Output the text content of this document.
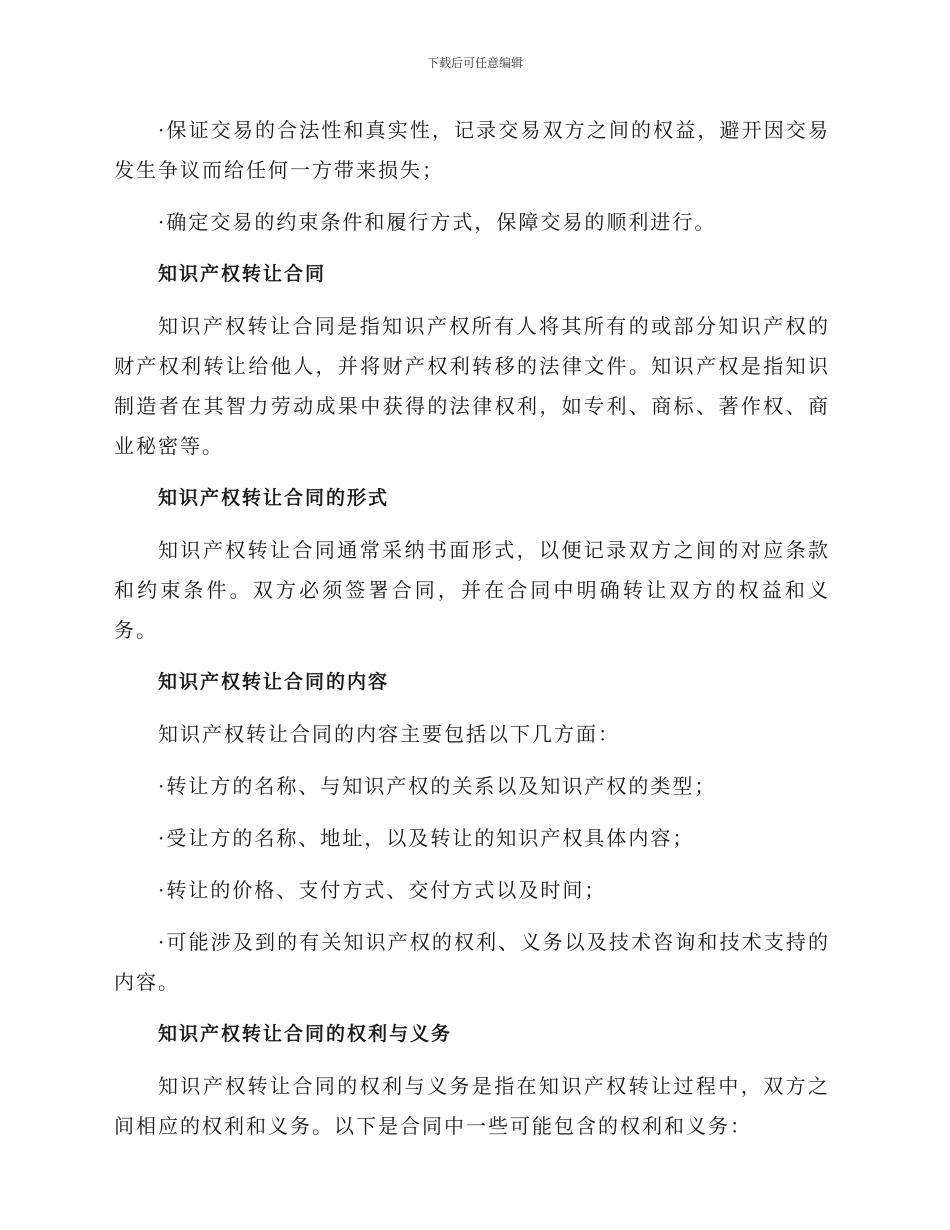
下载后可任意编辑

·保证交易的合法性和真实性，记录交易双方之间的权益，避开因交易发生争议而给任何一方带来损失；

·确定交易的约束条件和履行方式，保障交易的顺利进行。

知识产权转让合同

知识产权转让合同是指知识产权所有人将其所有的或部分知识产权的财产权利转让给他人，并将财产权利转移的法律文件。知识产权是指知识制造者在其智力劳动成果中获得的法律权利，如专利、商标、著作权、商业秘密等。

知识产权转让合同的形式

知识产权转让合同通常采纳书面形式，以便记录双方之间的对应条款和约束条件。双方必须签署合同，并在合同中明确转让双方的权益和义务。

知识产权转让合同的内容

知识产权转让合同的内容主要包括以下几方面：

·转让方的名称、与知识产权的关系以及知识产权的类型；

·受让方的名称、地址，以及转让的知识产权具体内容；

·转让的价格、支付方式、交付方式以及时间；

·可能涉及到的有关知识产权的权利、义务以及技术咨询和技术支持的内容。

知识产权转让合同的权利与义务

知识产权转让合同的权利与义务是指在知识产权转让过程中，双方之间相应的权利和义务。以下是合同中一些可能包含的权利和义务：
